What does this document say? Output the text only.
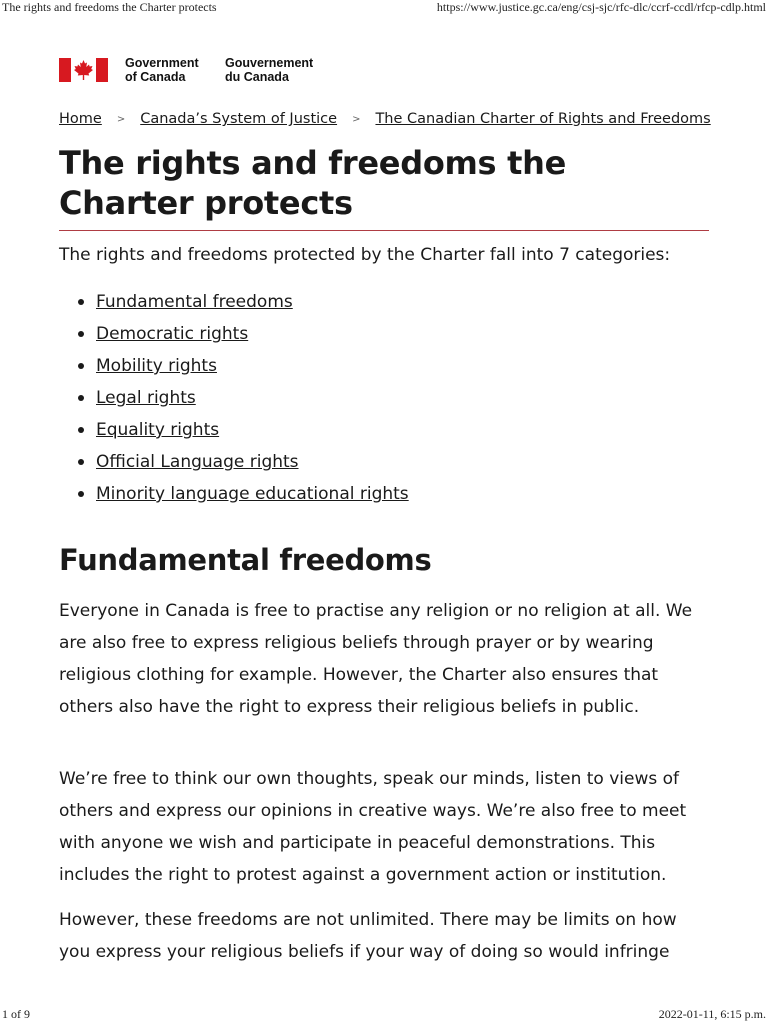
The rights and freedoms the Charter protects	https://www.justice.gc.ca/eng/csj-sjc/rfc-dlc/ccrf-ccdl/rfcp-cdlp.html
Government
of Canada
Gouvernement
du Canada
Home > Canada’s System of Justice > The Canadian Charter of Rights and Freedoms
The rights and freedoms the Charter protects

The rights and freedoms protected by the Charter fall into 7 categories:

Fundamental freedoms
Democratic rights
Mobility rights
Legal rights
Equality rights
Official Language rights
Minority language educational rights
Fundamental freedoms

Everyone in Canada is free to practise any religion or no religion at all. We are also free to express religious beliefs through prayer or by wearing religious clothing for example. However, the Charter also ensures that others also have the right to express their religious beliefs in public.

We’re free to think our own thoughts, speak our minds, listen to views of others and express our opinions in creative ways. We’re also free to meet with anyone we wish and participate in peaceful demonstrations. This includes the right to protest against a government action or institution.

However, these freedoms are not unlimited. There may be limits on how you express your religious beliefs if your way of doing so would infringe

1 of 9	2022-01-11, 6:15 p.m.
